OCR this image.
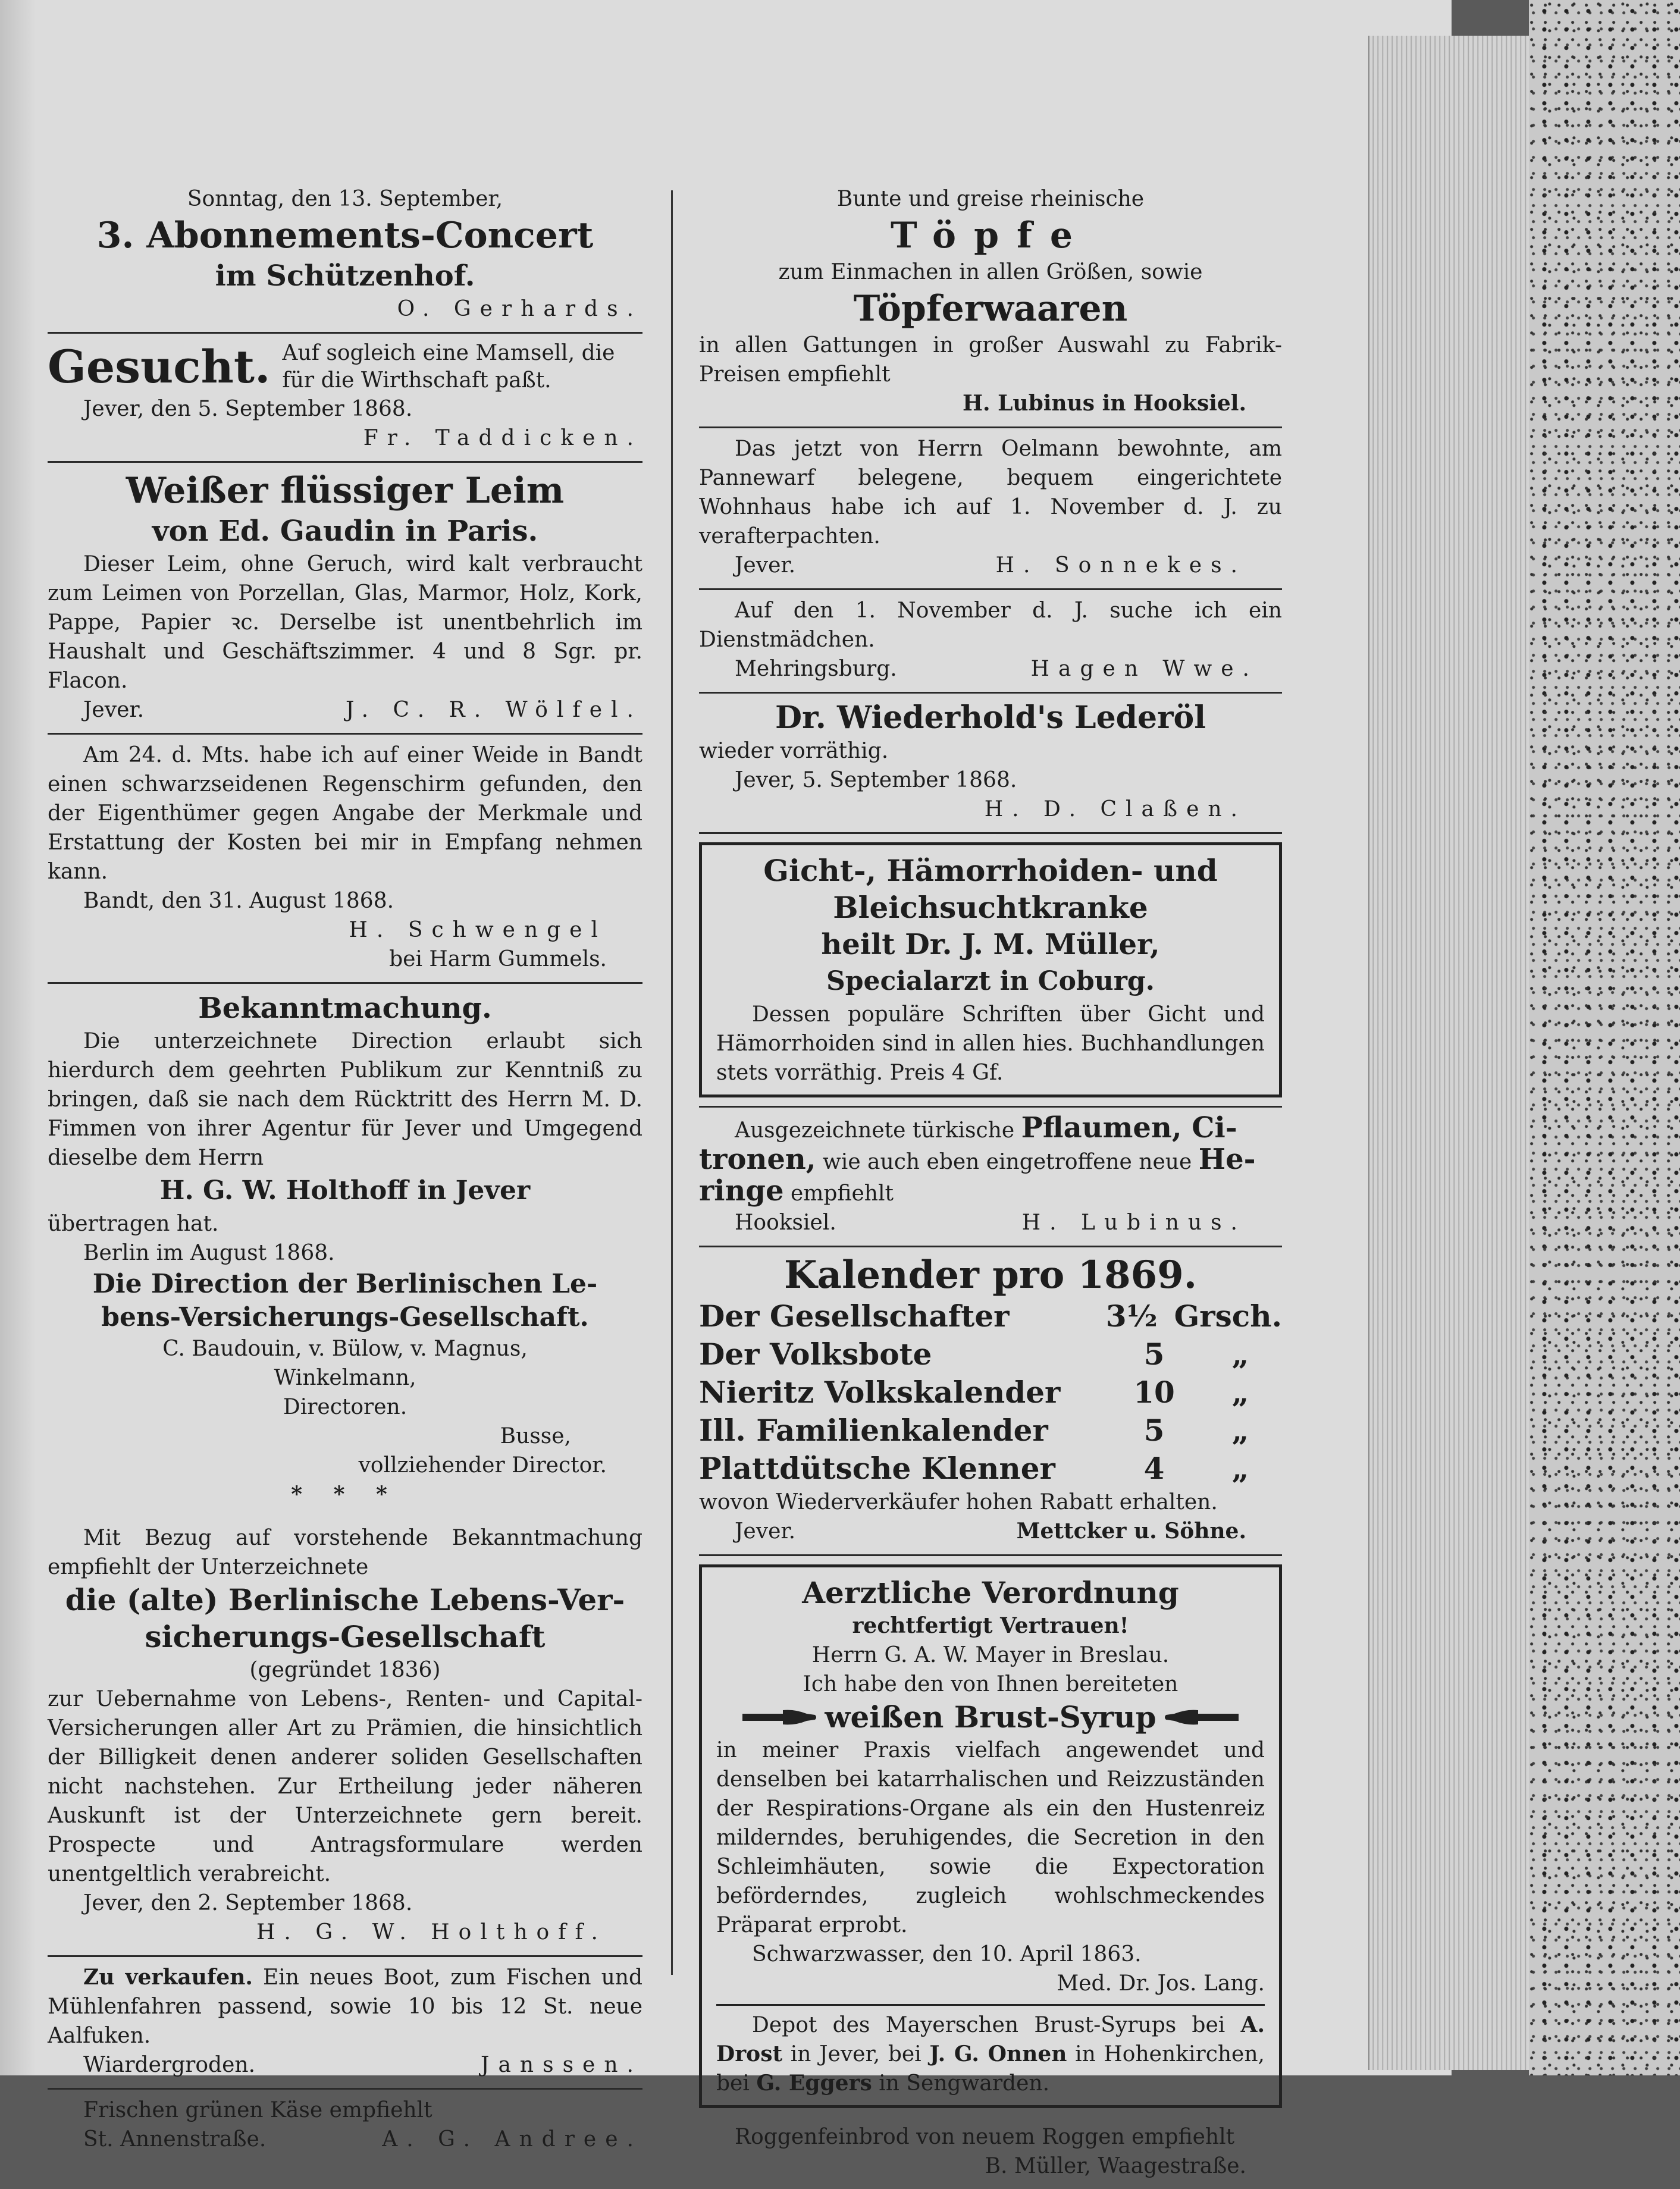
Sonntag, den 13. September,
3. Abonnements-Concert
im Schützenhof.
O. Gerhards.
Gesucht. Auf sogleich eine Mamsell, die für die Wirthschaft paßt.
Jever, den 5. September 1868.
Fr. Taddicken.
Weißer flüssiger Leim
von Ed. Gaudin in Paris.
Dieser Leim, ohne Geruch, wird kalt verbraucht zum Leimen von Porzellan, Glas, Marmor, Holz, Kork, Pappe, Papier ꝛc. Derselbe ist unentbehrlich im Haushalt und Geschäftszimmer. 4 und 8 Sgr. pr. Flacon.
Jever.	J. C. R. Wölfel.
Am 24. d. Mts. habe ich auf einer Weide in Bandt einen schwarzseidenen Regenschirm gefunden, den der Eigenthümer gegen Angabe der Merkmale und Erstattung der Kosten bei mir in Empfang nehmen kann.
Bandt, den 31. August 1868.
H. Schwengel
bei Harm Gummels.
Bekanntmachung.
Die unterzeichnete Direction erlaubt sich hierdurch dem geehrten Publikum zur Kenntniß zu bringen, daß sie nach dem Rücktritt des Herrn M. D. Fimmen von ihrer Agentur für Jever und Umgegend dieselbe dem Herrn
H. G. W. Holthoff in Jever
übertragen hat.
Berlin im August 1868.
Die Direction der Berlinischen Le-
bens-Versicherungs-Gesellschaft.
C. Baudouin, v. Bülow, v. Magnus,
Winkelmann,
Directoren.
Busse,
vollziehender Director.
* * *
Mit Bezug auf vorstehende Bekanntmachung empfiehlt der Unterzeichnete
die (alte) Berlinische Lebens-Ver-
sicherungs-Gesellschaft
(gegründet 1836)
zur Uebernahme von Lebens-, Renten- und Capital-Versicherungen aller Art zu Prämien, die hinsichtlich der Billigkeit denen anderer soliden Gesellschaften nicht nachstehen. Zur Ertheilung jeder näheren Auskunft ist der Unterzeichnete gern bereit. Prospecte und Antragsformulare werden unentgeltlich verabreicht.
Jever, den 2. September 1868.
H. G. W. Holthoff.
Zu verkaufen. Ein neues Boot, zum Fischen und Mühlenfahren passend, sowie 10 bis 12 St. neue Aalfuken.
Wiardergroden.	Janssen.
Frischen grünen Käse empfiehlt
St. Annenstraße.	A. G. Andree.
Bunte und greise rheinische
Töpfe
zum Einmachen in allen Größen, sowie
Töpferwaaren
in allen Gattungen in großer Auswahl zu Fabrik-Preisen empfiehlt
H. Lubinus in Hooksiel.
Das jetzt von Herrn Oelmann bewohnte, am Pannewarf belegene, bequem eingerichtete Wohnhaus habe ich auf 1. November d. J. zu verafterpachten.
Jever.	H. Sonnekes.
Auf den 1. November d. J. suche ich ein Dienstmädchen.
Mehringsburg.	Hagen Wwe.
Dr. Wiederhold's Lederöl
wieder vorräthig.
Jever, 5. September 1868.
H. D. Claßen.
Gicht-, Hämorrhoiden- und
Bleichsuchtkranke
heilt Dr. J. M. Müller,
Specialarzt in Coburg.
Dessen populäre Schriften über Gicht und Hämorrhoiden sind in allen hies. Buchhandlungen stets vorräthig. Preis 4 Gf.
Ausgezeichnete türkische Pflaumen, Ci-
tronen, wie auch eben eingetroffene neue He-
ringe empfiehlt
Hooksiel.	H. Lubinus.
Kalender pro 1869.
Der Gesellschafter	3½ Grsch.
Der Volksbote	5	„
Nieritz Volkskalender	10	„
Ill. Familienkalender	5	„
Plattdütsche Klenner	4	„
wovon Wiederverkäufer hohen Rabatt erhalten.
Jever.	Mettcker u. Söhne.
Aerztliche Verordnung
rechtfertigt Vertrauen!
Herrn G. A. W. Mayer in Breslau.
Ich habe den von Ihnen bereiteten
weißen Brust-Syrup
in meiner Praxis vielfach angewendet und denselben bei katarrhalischen und Reizzuständen der Respirations-Organe als ein den Hustenreiz milderndes, beruhigendes, die Secretion in den Schleimhäuten, sowie die Expectoration beförderndes, zugleich wohlschmeckendes Präparat erprobt.
Schwarzwasser, den 10. April 1863.
Med. Dr. Jos. Lang.
Depot des Mayerschen Brust-Syrups bei A. Drost in Jever, bei J. G. Onnen in Hohenkirchen, bei G. Eggers in Sengwarden.
Roggenfeinbrod von neuem Roggen empfiehlt
B. Müller, Waagestraße.
